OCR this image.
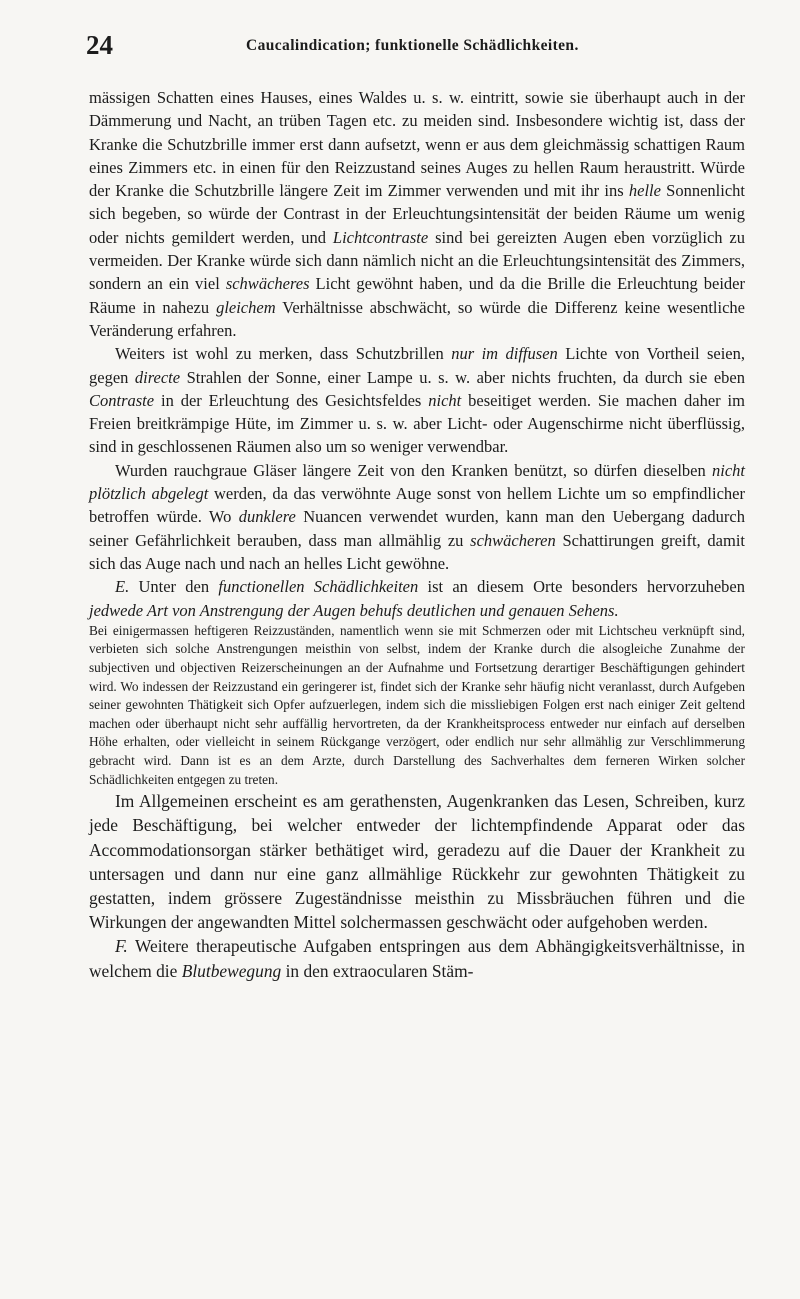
24	Caucalindication; funktionelle Schädlichkeiten.

mässigen Schatten eines Hauses, eines Waldes u. s. w. eintritt, sowie sie überhaupt auch in der Dämmerung und Nacht, an trüben Tagen etc. zu meiden sind. Insbesondere wichtig ist, dass der Kranke die Schutzbrille immer erst dann aufsetzt, wenn er aus dem gleichmässig schattigen Raum eines Zimmers etc. in einen für den Reizzustand seines Auges zu hellen Raum heraustritt. Würde der Kranke die Schutzbrille längere Zeit im Zimmer verwenden und mit ihr ins helle Sonnenlicht sich begeben, so würde der Contrast in der Erleuchtungsintensität der beiden Räume um wenig oder nichts gemildert werden, und Lichtcontraste sind bei gereizten Augen eben vorzüglich zu vermeiden. Der Kranke würde sich dann nämlich nicht an die Erleuchtungsintensität des Zimmers, sondern an ein viel schwächeres Licht gewöhnt haben, und da die Brille die Erleuchtung beider Räume in nahezu gleichem Verhältnisse abschwächt, so würde die Differenz keine wesentliche Veränderung erfahren.

Weiters ist wohl zu merken, dass Schutzbrillen nur im diffusen Lichte von Vortheil seien, gegen directe Strahlen der Sonne, einer Lampe u. s. w. aber nichts fruchten, da durch sie eben Contraste in der Erleuchtung des Gesichtsfeldes nicht beseitiget werden. Sie machen daher im Freien breitkrämpige Hüte, im Zimmer u. s. w. aber Licht- oder Augenschirme nicht überflüssig, sind in geschlossenen Räumen also um so weniger verwendbar.

Wurden rauchgraue Gläser längere Zeit von den Kranken benützt, so dürfen dieselben nicht plötzlich abgelegt werden, da das verwöhnte Auge sonst von hellem Lichte um so empfindlicher betroffen würde. Wo dunklere Nuancen verwendet wurden, kann man den Uebergang dadurch seiner Gefährlichkeit berauben, dass man allmählig zu schwächeren Schattirungen greift, damit sich das Auge nach und nach an helles Licht gewöhne.

E. Unter den functionellen Schädlichkeiten ist an diesem Orte besonders hervorzuheben jedwede Art von Anstrengung der Augen behufs deutlichen und genauen Sehens.

Bei einigermassen heftigeren Reizzuständen, namentlich wenn sie mit Schmerzen oder mit Lichtscheu verknüpft sind, verbieten sich solche Anstrengungen meisthin von selbst, indem der Kranke durch die alsogleiche Zunahme der subjectiven und objectiven Reizerscheinungen an der Aufnahme und Fortsetzung derartiger Beschäftigungen gehindert wird. Wo indessen der Reizzustand ein geringerer ist, findet sich der Kranke sehr häufig nicht veranlasst, durch Aufgeben seiner gewohnten Thätigkeit sich Opfer aufzuerlegen, indem sich die missliebigen Folgen erst nach einiger Zeit geltend machen oder überhaupt nicht sehr auffällig hervortreten, da der Krankheitsprocess entweder nur einfach auf derselben Höhe erhalten, oder vielleicht in seinem Rückgange verzögert, oder endlich nur sehr allmählig zur Verschlimmerung gebracht wird. Dann ist es an dem Arzte, durch Darstellung des Sachverhaltes dem ferneren Wirken solcher Schädlichkeiten entgegen zu treten.

Im Allgemeinen erscheint es am gerathensten, Augenkranken das Lesen, Schreiben, kurz jede Beschäftigung, bei welcher entweder der lichtempfindende Apparat oder das Accommodationsorgan stärker bethätiget wird, geradezu auf die Dauer der Krankheit zu untersagen und dann nur eine ganz allmählige Rückkehr zur gewohnten Thätigkeit zu gestatten, indem grössere Zugeständnisse meisthin zu Missbräuchen führen und die Wirkungen der angewandten Mittel solchermassen geschwächt oder aufgehoben werden.

F. Weitere therapeutische Aufgaben entspringen aus dem Abhängigkeitsverhältnisse, in welchem die Blutbewegung in den extraocularen Stäm-
